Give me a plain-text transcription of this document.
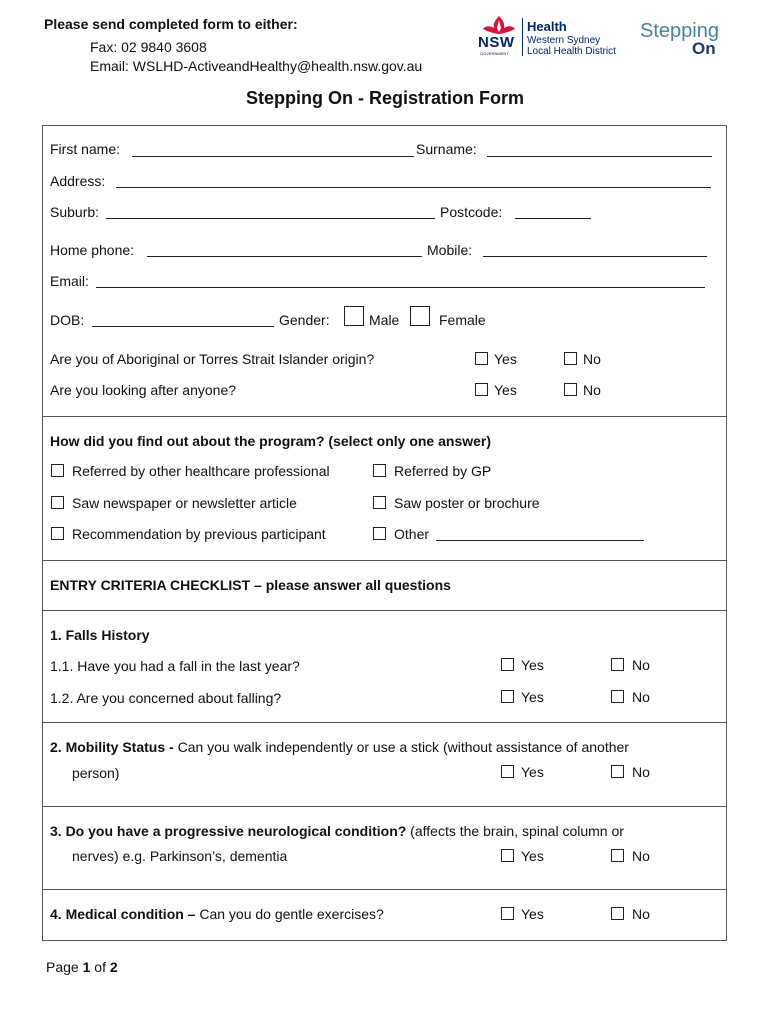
Please send completed form to either:
Fax: 02 9840 3608
Email: WSLHD-ActiveandHealthy@health.nsw.gov.au
NSW
GOVERNMENT
Health
Western Sydney
Local Health District
Stepping
On
Stepping On - Registration Form
First name:	Surname:
Address:
Suburb:	Postcode:
Home phone:	Mobile:
Email:
DOB:	Gender:	Male	Female
Are you of Aboriginal or Torres Strait Islander origin?	Yes	No
Are you looking after anyone?	Yes	No
How did you find out about the program? (select only one answer)
Referred by other healthcare professional	Referred by GP
Saw newspaper or newsletter article	Saw poster or brochure
Recommendation by previous participant	Other
ENTRY CRITERIA CHECKLIST – please answer all questions
1. Falls History
1.1. Have you had a fall in the last year?	Yes	No
1.2. Are you concerned about falling?	Yes	No
2. Mobility Status - Can you walk independently or use a stick (without assistance of another
person)	Yes	No
3. Do you have a progressive neurological condition? (affects the brain, spinal column or
nerves) e.g. Parkinson’s, dementia	Yes	No
4. Medical condition – Can you do gentle exercises?	Yes	No
Page 1 of 2
